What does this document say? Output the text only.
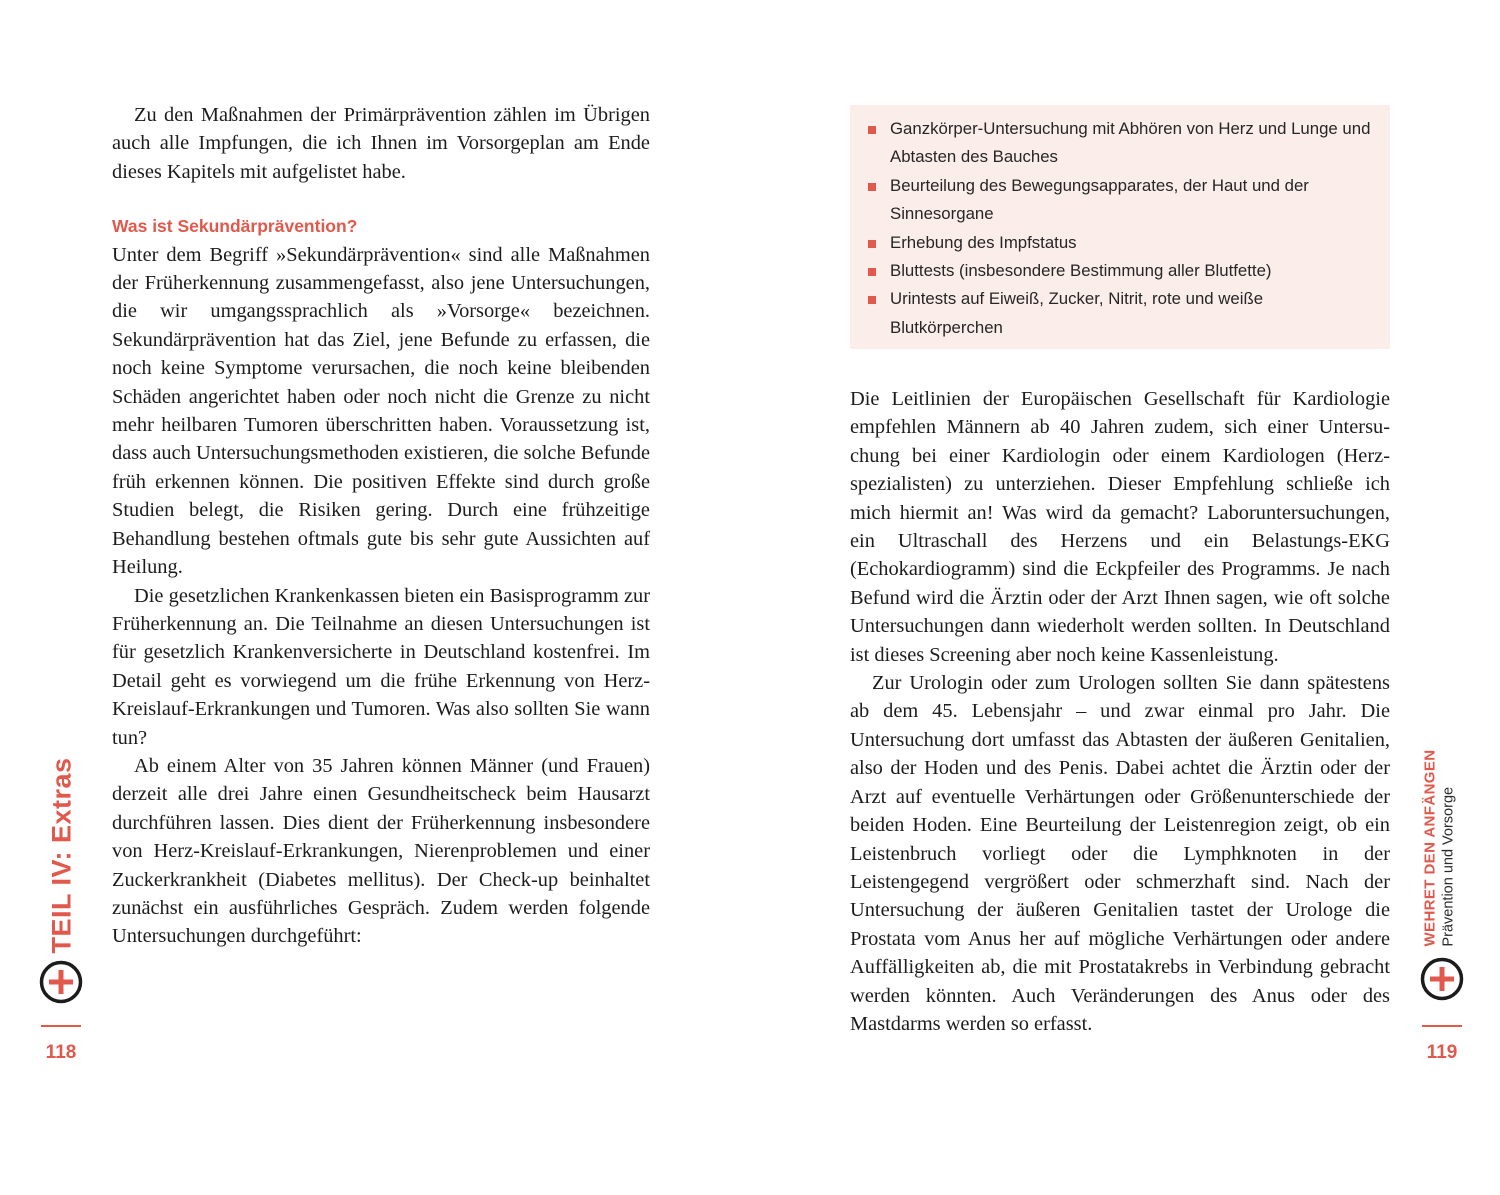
Zu den Maßnahmen der Primärprävention zählen im Übrigen auch alle Impfungen, die ich Ihnen im Vorsorgeplan am Ende dieses Kapitels mit aufgelistet habe.

Was ist Sekundärprävention?

Unter dem Begriff »Sekundärprävention« sind alle Maßnahmen der Früherkennung zusammengefasst, also jene Untersuchungen, die wir umgangssprachlich als »Vorsorge« bezeichnen. Sekundärprävention hat das Ziel, jene Befunde zu erfassen, die noch keine Symptome verursachen, die noch keine bleibenden Schäden angerichtet haben oder noch nicht die Grenze zu nicht mehr heilbaren Tumoren überschritten haben. Voraussetzung ist, dass auch Untersuchungsmethoden existieren, die solche Befunde früh erkennen können. Die positiven Effekte sind durch große Studien belegt, die Risiken gering. Durch eine frühzeitige Behandlung bestehen oftmals gute bis sehr gute Aussichten auf Heilung.

Die gesetzlichen Krankenkassen bieten ein Basisprogramm zur Früherkennung an. Die Teilnahme an diesen Untersuchungen ist für gesetzlich Krankenversicherte in Deutschland kostenfrei. Im Detail geht es vorwiegend um die frühe Erkennung von Herz-Kreislauf-Erkrankungen und Tumoren. Was also sollten Sie wann tun?

Ab einem Alter von 35 Jahren können Männer (und Frauen) derzeit alle drei Jahre einen Gesundheitscheck beim Hausarzt durchführen lassen. Dies dient der Früherkennung insbesondere von Herz-Kreislauf-Erkrankungen, Nierenproblemen und einer Zuckerkrankheit (Diabetes mellitus). Der Check-up beinhaltet zunächst ein ausführliches Gespräch. Zudem werden folgende Untersuchungen durchgeführt:

TEIL IV: Extras
118
Ganzkörper-Untersuchung mit Abhören von Herz und Lunge und Abtasten des Bauches
Beurteilung des Bewegungsapparates, der Haut und der Sinnesorgane
Erhebung des Impfstatus
Bluttests (insbesondere Bestimmung aller Blutfette)
Urintests auf Eiweiß, Zucker, Nitrit, rote und weiße Blutkörperchen

Die Leitlinien der Europäischen Gesellschaft für Kardiologie empfehlen Männern ab 40 Jahren zudem, sich einer Untersuchung bei einer Kardiologin oder einem Kardiologen (Herzspezialisten) zu unterziehen. Dieser Empfehlung schließe ich mich hiermit an! Was wird da gemacht? Laboruntersuchungen, ein Ultraschall des Herzens und ein Belastungs-EKG (Echokardiogramm) sind die Eckpfeiler des Programms. Je nach Befund wird die Ärztin oder der Arzt Ihnen sagen, wie oft solche Untersuchungen dann wiederholt werden sollten. In Deutschland ist dieses Screening aber noch keine Kassenleistung.

Zur Urologin oder zum Urologen sollten Sie dann spätestens ab dem 45. Lebensjahr – und zwar einmal pro Jahr. Die Untersuchung dort umfasst das Abtasten der äußeren Genitalien, also der Hoden und des Penis. Dabei achtet die Ärztin oder der Arzt auf eventuelle Verhärtungen oder Größenunterschiede der beiden Hoden. Eine Beurteilung der Leistenregion zeigt, ob ein Leistenbruch vorliegt oder die Lymphknoten in der Leistengegend vergrößert oder schmerzhaft sind. Nach der Untersuchung der äußeren Genitalien tastet der Urologe die Prostata vom Anus her auf mögliche Verhärtungen oder andere Auffälligkeiten ab, die mit Prostatakrebs in Verbindung gebracht werden könnten. Auch Veränderungen des Anus oder des Mastdarms werden so erfasst.

WEHRET DEN ANFÄNGEN Prävention und Vorsorge
119
